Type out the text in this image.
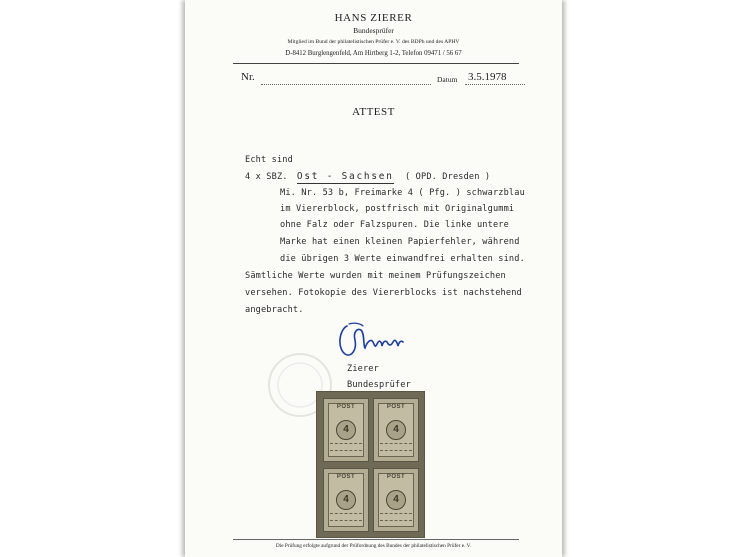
HANS ZIERER
Bundesprüfer
Mitglied im Bund der philatelistischen Prüfer e. V. des BDPh und des APHV
D-8412 Burglengenfeld, Am Hirtberg 1-2, Telefon 09471 / 56 67
Nr.	Datum 3.5.1978
ATTEST
Echt sind
4 x SBZ. Ost - Sachsen ( OPD. Dresden )
Mi. Nr. 53 b, Freimarke 4 ( Pfg. ) schwarzblau
im Viererblock, postfrisch mit Originalgummi
ohne Falz oder Falzspuren. Die linke untere
Marke hat einen kleinen Papierfehler, während
die übrigen 3 Werte einwandfrei erhalten sind.
Sämtliche Werte wurden mit meinem Prüfungszeichen
versehen. Fotokopie des Viererblocks ist nachstehend
angebracht.
Zierer
Bundesprüfer
POST
4
POST
4
POST
4
POST
4
Die Prüfung erfolgte aufgrund der Prüfordnung des Bundes der philatelistischen Prüfer e. V.
